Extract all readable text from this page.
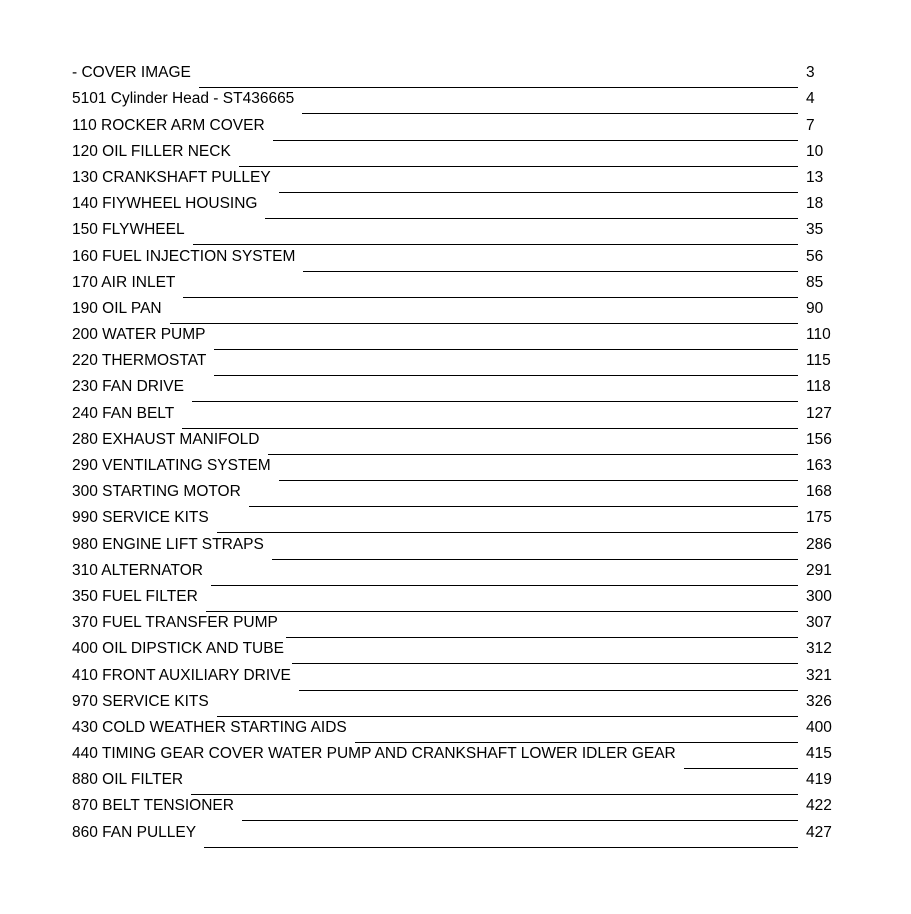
- COVER IMAGE	3
5101 Cylinder Head - ST436665	4
110 ROCKER ARM COVER	7
120 OIL FILLER NECK	10
130 CRANKSHAFT PULLEY	13
140 FIYWHEEL HOUSING	18
150 FLYWHEEL	35
160 FUEL INJECTION SYSTEM	56
170 AIR INLET	85
190 OIL PAN	90
200 WATER PUMP	110
220 THERMOSTAT	115
230 FAN DRIVE	118
240 FAN BELT	127
280 EXHAUST MANIFOLD	156
290 VENTILATING SYSTEM	163
300 STARTING MOTOR	168
990 SERVICE KITS	175
980 ENGINE LIFT STRAPS	286
310 ALTERNATOR	291
350 FUEL FILTER	300
370 FUEL TRANSFER PUMP	307
400 OIL DIPSTICK AND TUBE	312
410 FRONT AUXILIARY DRIVE	321
970 SERVICE KITS	326
430 COLD WEATHER STARTING AIDS	400
440 TIMING GEAR COVER WATER PUMP AND CRANKSHAFT LOWER IDLER GEAR	415
880 OIL FILTER	419
870 BELT TENSIONER	422
860 FAN PULLEY	427
